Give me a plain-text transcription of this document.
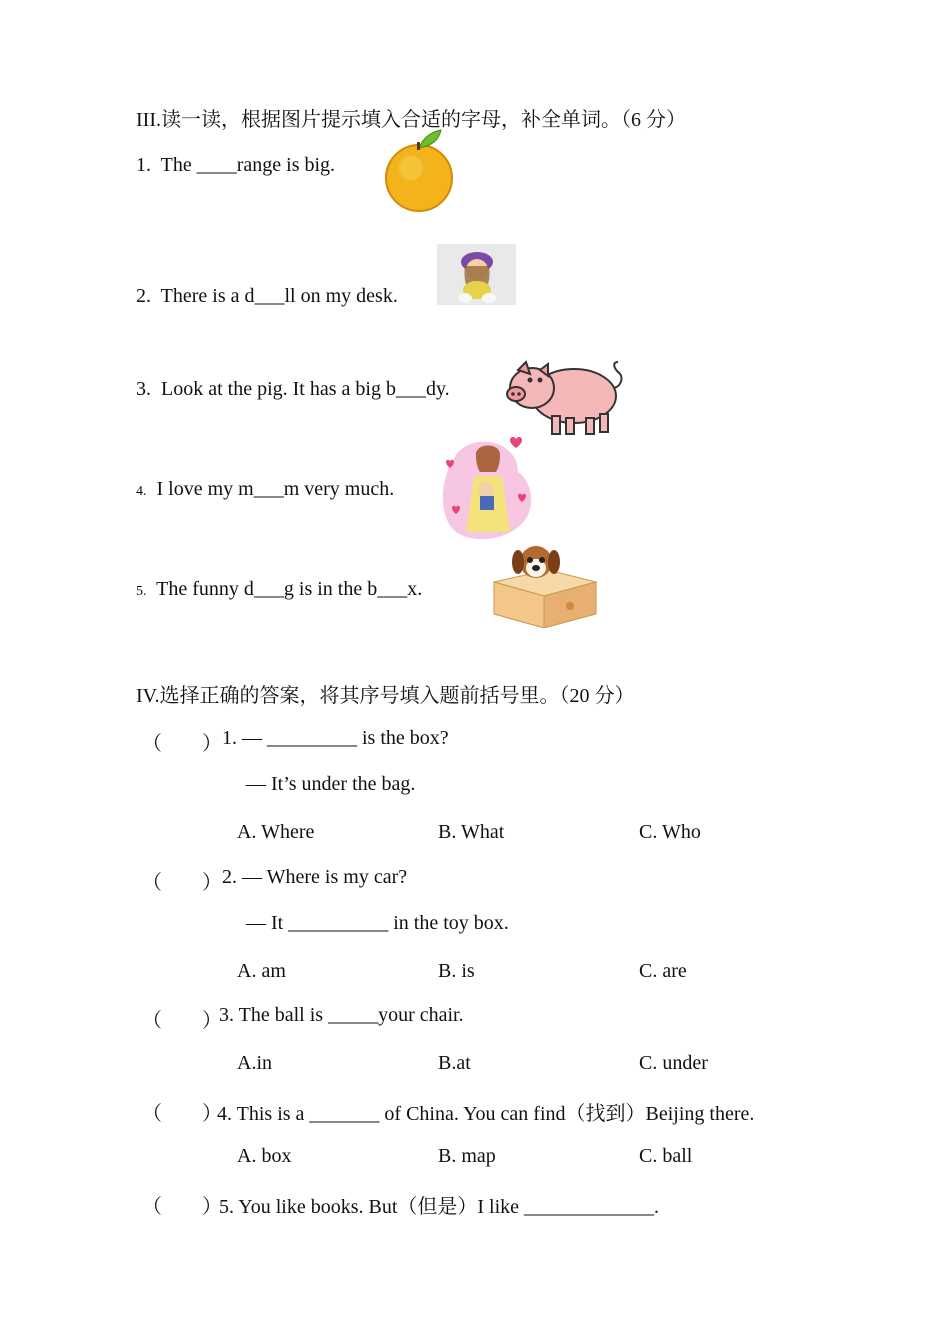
III.读一读，根据图片提示填入合适的字母，补全单词。（6 分）
1. The ____range is big.
2. There is a d___ll on my desk.
3. Look at the pig. It has a big b___dy.
4. I love my m___m very much.
5. The funny d___g is in the b___x.
IV.选择正确的答案，将其序号填入题前括号里。（20 分）
（　　） 1. — _________ is the box?
— It’s under the bag.
A. Where	B. What	C. Who
（　　） 2. — Where is my car?
— It __________ in the toy box.
A. am	B. is	C. are
（　　）
3. The ball is _____your chair.
A.in	B.at	C. under
（　　）
4. This is a _______ of China. You can find（找到）Beijing there.
A. box	B. map	C. ball
（　　）
5. You like books. But（但是）I like _____________.
